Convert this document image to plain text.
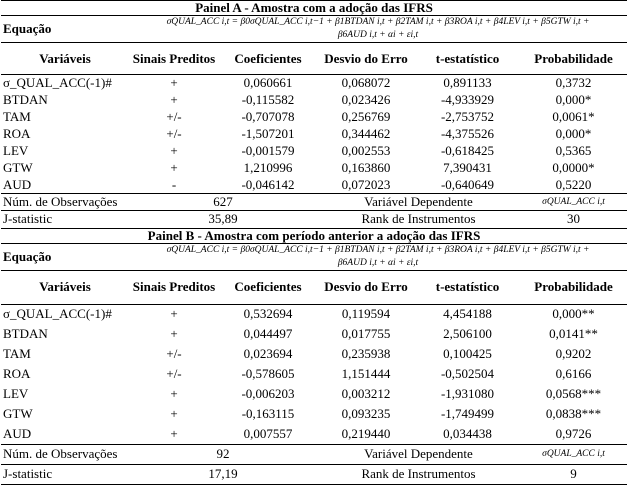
Painel A - Amostra com a adoção das IFRS					
Equação	σQUAL_ACC i,t = β0σQUAL_ACC i,t−1 + β1BTDAN i,t + β2TAM i,t + β3ROA i,t + β4LEV i,t + β5GTW i,t +
β6AUD i,t + αi + εi,t				

Variáveis	Sinais Preditos	Coeficientes	Desvio do Erro	t-estatístico	Probabilidade
σ_QUAL_ACC(-1)#	+	0,060661	0,068072	0,891133	0,3732
BTDAN	+	-0,115582	0,023426	-4,933929	0,000*
TAM	+/-	-0,707078	0,256769	-2,753752	0,0061*
ROA	+/-	-1,507201	0,344462	-4,375526	0,000*
LEV	+	-0,001579	0,002553	-0,618425	0,5365
GTW	+	1,210996	0,163860	7,390431	0,0000*
AUD	-	-0,046142	0,072023	-0,640649	0,5220
Núm. de Observações	627		Variável Dependente		σQUAL_ACC i,t
J-statistic	35,89		Rank de Instrumentos		30
Painel B - Amostra com período anterior a adoção das IFRS					
Equação	σQUAL_ACC i,t = β0σQUAL_ACC i,t−1 + β1BTDAN i,t + β2TAM i,t + β3ROA i,t + β4LEV i,t + β5GTW i,t +
β6AUD i,t + αi + εi,t				

Variáveis	Sinais Preditos	Coeficientes	Desvio do Erro	t-estatístico	Probabilidade
σ_QUAL_ACC(-1)#	+	0,532694	0,119594	4,454188	0,000**
BTDAN	+	0,044497	0,017755	2,506100	0,0141**
TAM	+/-	0,023694	0,235938	0,100425	0,9202
ROA	+/-	-0,578605	1,151444	-0,502504	0,6166
LEV	+	-0,006203	0,003212	-1,931080	0,0568***
GTW	+	-0,163115	0,093235	-1,749499	0,0838***
AUD	+	0,007557	0,219440	0,034438	0,9726
Núm. de Observações	92		Variável Dependente		σQUAL_ACC i,t
J-statistic	17,19		Rank de Instrumentos		9
